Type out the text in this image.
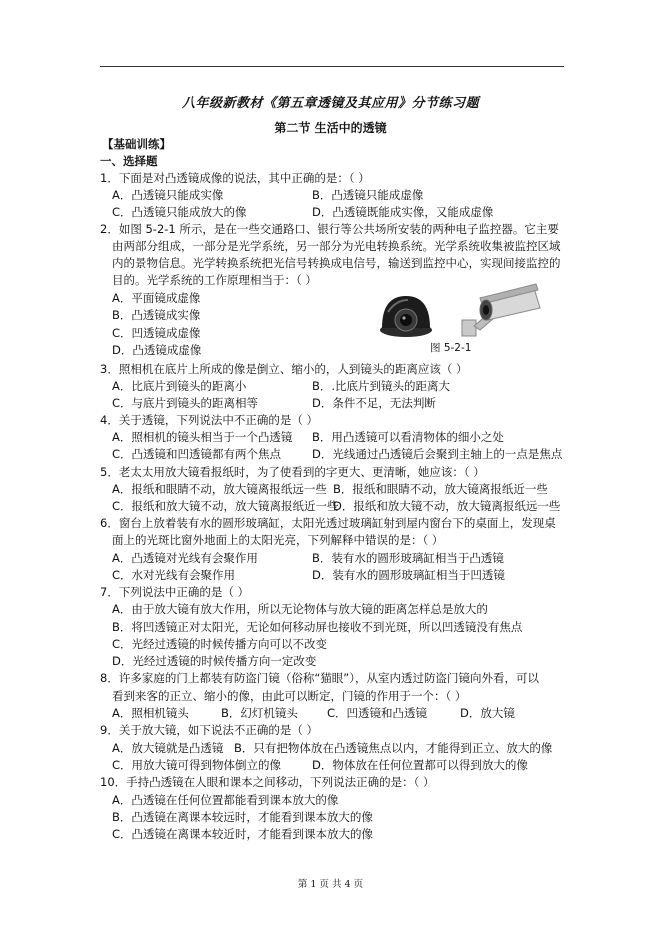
八年级新教材《第五章透镜及其应用》分节练习题
第二节 生活中的透镜
【基础训练】
一、选择题
1．下面是对凸透镜成像的说法，其中正确的是：（ ）
A．凸透镜只能成实像	B．凸透镜只能成虚像
C．凸透镜只能成放大的像	D．凸透镜既能成实像，又能成虚像
2．如图 5-2-1 所示，是在一些交通路口、银行等公共场所安装的两种电子监控器。它主要
由两部分组成，一部分是光学系统，另一部分为光电转换系统。光学系统收集被监控区域
内的景物信息。光学转换系统把光信号转换成电信号，输送到监控中心，实现间接监控的
目的。光学系统的工作原理相当于：（ ）
A．平面镜成虚像
B．凸透镜成实像
C．凹透镜成虚像
D．凸透镜成虚像	图 5-2-1
3．照相机在底片上所成的像是倒立、缩小的，人到镜头的距离应该（ ）
A．比底片到镜头的距离小	B．.比底片到镜头的距离大
C．与底片到镜头的距离相等	D．条件不足，无法判断
4．关于透镜，下列说法中不正确的是（ ）
A．照相机的镜头相当于一个凸透镜 B．用凸透镜可以看清物体的细小之处
C．凸透镜和凹透镜都有两个焦点	D．光线通过凸透镜后会聚到主轴上的一点是焦点
5．老太太用放大镜看报纸时，为了使看到的字更大、更清晰，她应该：（ ）
A．报纸和眼睛不动，放大镜离报纸远一些 B．报纸和眼睛不动，放大镜离报纸近一些
C．报纸和放大镜不动，放大镜离报纸近一些
D．报纸和放大镜不动，放大镜离报纸远一些
6．窗台上放着装有水的圆形玻璃缸，太阳光透过玻璃缸射到屋内窗台下的桌面上，发现桌
面上的光斑比窗外地面上的太阳光亮，下列解释中错误的是：（ ）
A．凸透镜对光线有会聚作用	B．装有水的圆形玻璃缸相当于凸透镜
C．水对光线有会聚作用	D．装有水的圆形玻璃缸相当于凹透镜
7．下列说法中正确的是（ ）
A．由于放大镜有放大作用，所以无论物体与放大镜的距离怎样总是放大的
B．将凹透镜正对太阳光，无论如何移动屏也接收不到光斑，所以凹透镜没有焦点
C．光经过透镜的时候传播方向可以不改变
D．光经过透镜的时候传播方向一定改变
8．许多家庭的门上都装有防盗门镜（俗称“猫眼”），从室内透过防盗门镜向外看，可以
看到来客的正立、缩小的像，由此可以断定，门镜的作用于一个：（ ）
A．照相机镜头	B．幻灯机镜头	C．凹透镜和凸透镜	D．放大镜
9．关于放大镜，如下说法不正确的是（ ）
A．放大镜就是凸透镜 B．只有把物体放在凸透镜焦点以内，才能得到正立、放大的像
C．用放大镜可得到物体倒立的像	D．物体放在任何位置都可以得到放大的像
10．手持凸透镜在人眼和课本之间移动，下列说法正确的是：（ ）
A．凸透镜在任何位置都能看到课本放大的像
B．凸透镜在离课本较远时，才能看到课本放大的像
C．凸透镜在离课本较近时，才能看到课本放大的像
第 1 页 共 4 页
